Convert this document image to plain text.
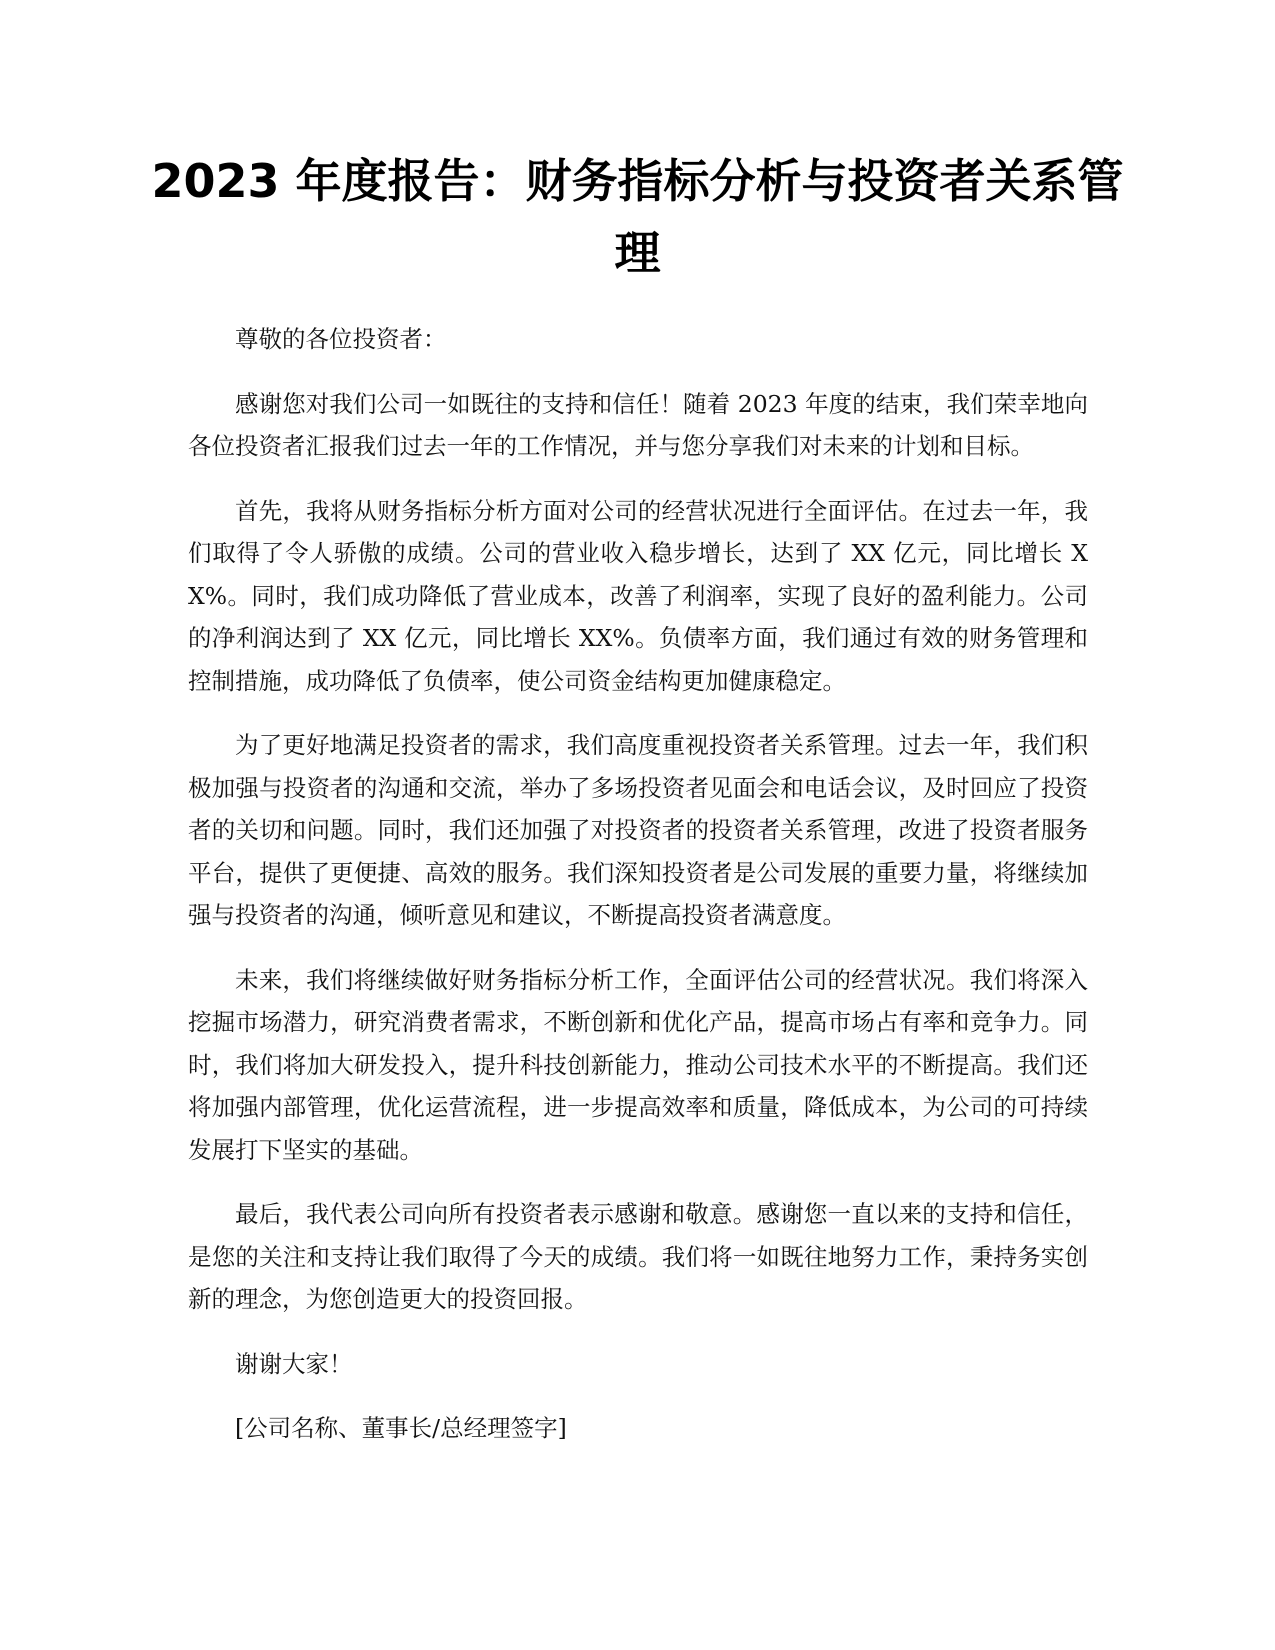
2023 年度报告：财务指标分析与投资者关系管理

尊敬的各位投资者：

感谢您对我们公司一如既往的支持和信任！随着 2023 年度的结束，我们荣幸地向各位投资者汇报我们过去一年的工作情况，并与您分享我们对未来的计划和目标。

首先，我将从财务指标分析方面对公司的经营状况进行全面评估。在过去一年，我们取得了令人骄傲的成绩。公司的营业收入稳步增长，达到了 XX 亿元，同比增长 XX%。同时，我们成功降低了营业成本，改善了利润率，实现了良好的盈利能力。公司的净利润达到了 XX 亿元，同比增长 XX%。负债率方面，我们通过有效的财务管理和控制措施，成功降低了负债率，使公司资金结构更加健康稳定。

为了更好地满足投资者的需求，我们高度重视投资者关系管理。过去一年，我们积极加强与投资者的沟通和交流，举办了多场投资者见面会和电话会议，及时回应了投资者的关切和问题。同时，我们还加强了对投资者的投资者关系管理，改进了投资者服务平台，提供了更便捷、高效的服务。我们深知投资者是公司发展的重要力量，将继续加强与投资者的沟通，倾听意见和建议，不断提高投资者满意度。

未来，我们将继续做好财务指标分析工作，全面评估公司的经营状况。我们将深入挖掘市场潜力，研究消费者需求，不断创新和优化产品，提高市场占有率和竞争力。同时，我们将加大研发投入，提升科技创新能力，推动公司技术水平的不断提高。我们还将加强内部管理，优化运营流程，进一步提高效率和质量，降低成本，为公司的可持续发展打下坚实的基础。

最后，我代表公司向所有投资者表示感谢和敬意。感谢您一直以来的支持和信任，是您的关注和支持让我们取得了今天的成绩。我们将一如既往地努力工作，秉持务实创新的理念，为您创造更大的投资回报。

谢谢大家！

[公司名称、董事长/总经理签字]
